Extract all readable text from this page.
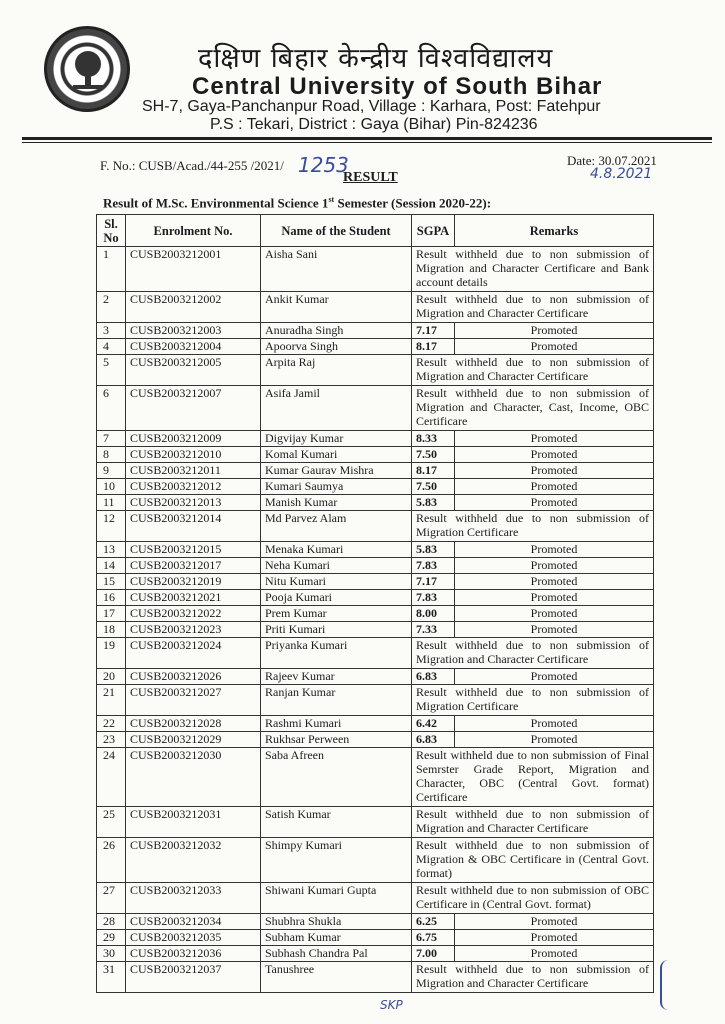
दक्षिण बिहार केन्द्रीय विश्वविद्यालय
Central University of South Bihar
SH-7, Gaya-Panchanpur Road, Village : Karhara, Post: Fatehpur
P.S : Tekari, District : Gaya (Bihar) Pin-824236
F. No.: CUSB/Acad./44-255 /2021/ 1253	Date: 30.07.2021
4.8.2021
RESULT
Result of M.Sc. Environmental Science 1st Semester (Session 2020-22):
Sl. No	Enrolment No.	Name of the Student	SGPA	Remarks
1	CUSB2003212001	Aisha Sani	Result withheld due to non submission of Migration and Character Certificare and Bank account details	
2	CUSB2003212002	Ankit Kumar	Result withheld due to non submission of Migration and Character Certificare	
3	CUSB2003212003	Anuradha Singh	7.17	Promoted
4	CUSB2003212004	Apoorva Singh	8.17	Promoted
5	CUSB2003212005	Arpita Raj	Result withheld due to non submission of Migration and Character Certificare	
6	CUSB2003212007	Asifa Jamil	Result withheld due to non submission of Migration and Character, Cast, Income, OBC Certificare	
7	CUSB2003212009	Digvijay Kumar	8.33	Promoted
8	CUSB2003212010	Komal Kumari	7.50	Promoted
9	CUSB2003212011	Kumar Gaurav Mishra	8.17	Promoted
10	CUSB2003212012	Kumari Saumya	7.50	Promoted
11	CUSB2003212013	Manish Kumar	5.83	Promoted
12	CUSB2003212014	Md Parvez Alam	Result withheld due to non submission of Migration Certificare	
13	CUSB2003212015	Menaka Kumari	5.83	Promoted
14	CUSB2003212017	Neha Kumari	7.83	Promoted
15	CUSB2003212019	Nitu Kumari	7.17	Promoted
16	CUSB2003212021	Pooja Kumari	7.83	Promoted
17	CUSB2003212022	Prem Kumar	8.00	Promoted
18	CUSB2003212023	Priti Kumari	7.33	Promoted
19	CUSB2003212024	Priyanka Kumari	Result withheld due to non submission of Migration and Character Certificare	
20	CUSB2003212026	Rajeev Kumar	6.83	Promoted
21	CUSB2003212027	Ranjan Kumar	Result withheld due to non submission of Migration Certificare	
22	CUSB2003212028	Rashmi Kumari	6.42	Promoted
23	CUSB2003212029	Rukhsar Perween	6.83	Promoted
24	CUSB2003212030	Saba Afreen	Result withheld due to non submission of Final Semrster Grade Report, Migration and Character, OBC (Central Govt. format) Certificare	
25	CUSB2003212031	Satish Kumar	Result withheld due to non submission of Migration and Character Certificare	
26	CUSB2003212032	Shimpy Kumari	Result withheld due to non submission of Migration & OBC Certificare in (Central Govt. format)	
27	CUSB2003212033	Shiwani Kumari Gupta	Result withheld due to non submission of OBC Certificare in (Central Govt. format)	
28	CUSB2003212034	Shubhra Shukla	6.25	Promoted
29	CUSB2003212035	Subham Kumar	6.75	Promoted
30	CUSB2003212036	Subhash Chandra Pal	7.00	Promoted
31	CUSB2003212037	Tanushree	Result withheld due to non submission of Migration and Character Certificare	
SKP
